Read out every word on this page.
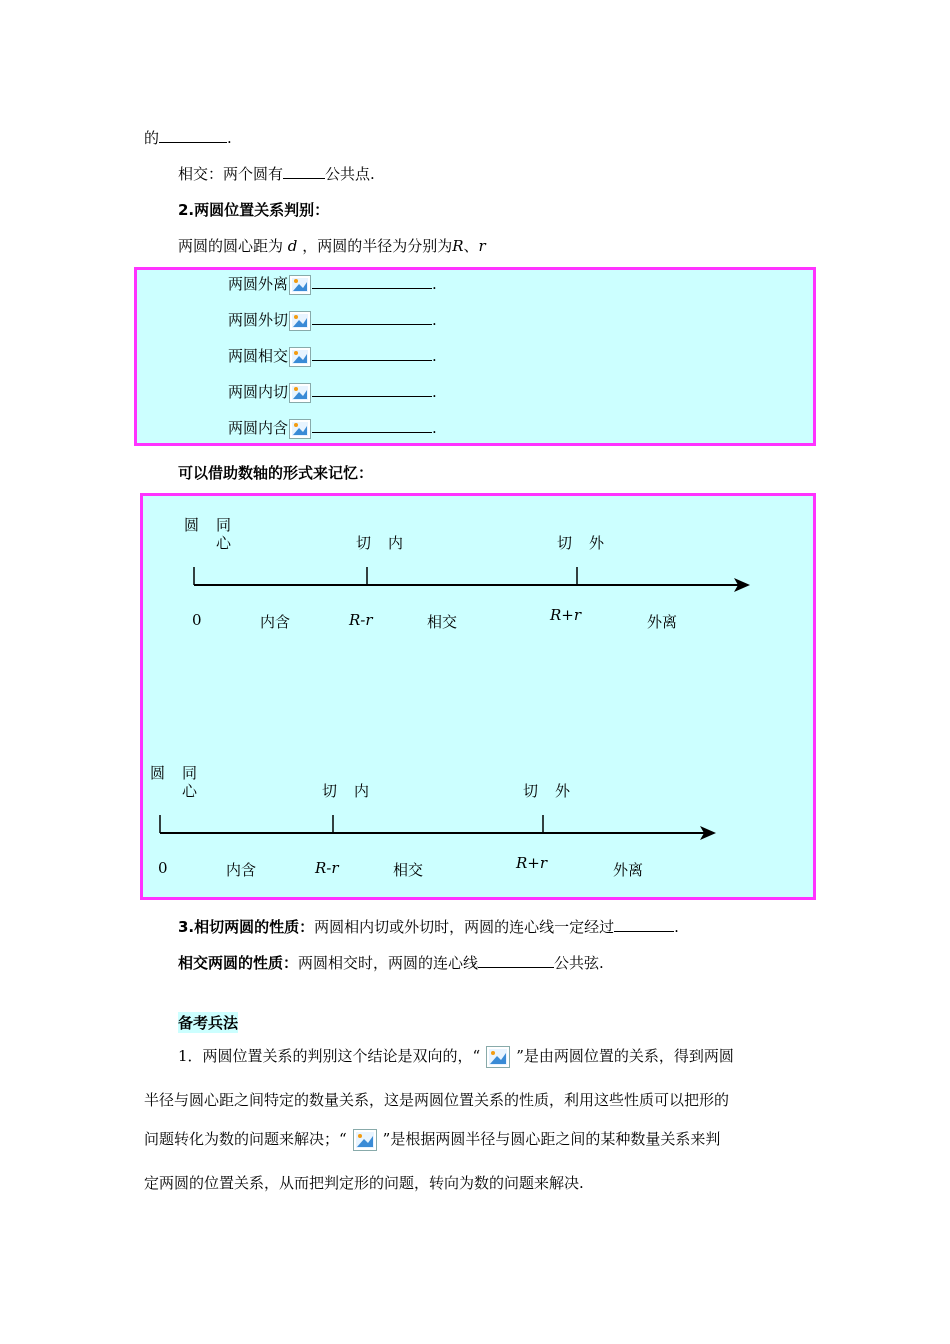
的	.
相交：两个圆有	公共点.
2.两圆位置关系判别：
两圆的圆心距为 d ，两圆的半径为分别为R、r
两圆外离	.
两圆外切	.
两圆相交	.
两圆内切	.
两圆内含	.
可以借助数轴的形式来记忆：
圆 同
心	切 内	切 外
0	内含	R-r	相交	R+r	外离
圆 同
心	切 内	切 外
0	内含	R-r	相交	R+r	外离
3.相切两圆的性质：两圆相内切或外切时，两圆的连心线一定经过	.
相交两圆的性质：两圆相交时，两圆的连心线	公共弦.
备考兵法
1．两圆位置关系的判别这个结论是双向的，“ ”是由两圆位置的关系，得到两圆
半径与圆心距之间特定的数量关系，这是两圆位置关系的性质，利用这些性质可以把形的
问题转化为数的问题来解决；“ ”是根据两圆半径与圆心距之间的某种数量关系来判
定两圆的位置关系，从而把判定形的问题，转向为数的问题来解决.
